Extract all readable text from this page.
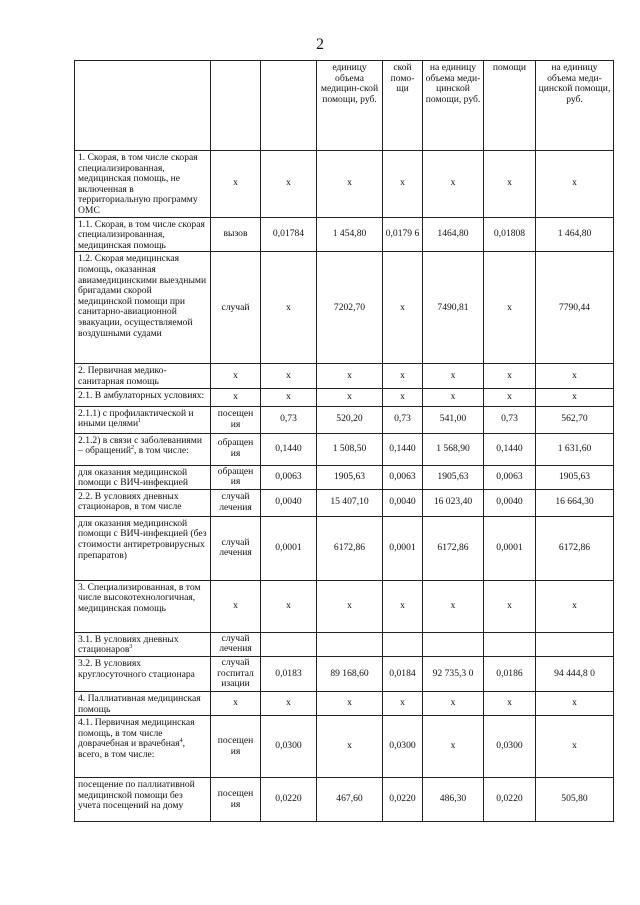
2
			единицу объема медицин-ской помощи, руб.	ской помо-щи	на единицу объема меди-цинской помощи, руб.	помощи	на единицу объема меди-цинской помощи, руб.
1. Скорая, в том числе скорая специализированная, медицинская помощь, не включенная в территориальную программу ОМС	х	х	х	х	х	х	х
1.1. Скорая, в том числе скорая специализированная, медицинская помощь	вызов	0,01784	1 454,80	0,0179 6	1464,80	0,01808	1 464,80
1.2. Скорая медицинская помощь, оказанная авиамедицинскими выездными бригадами скорой медицинской помощи при санитарно-авиационной эвакуации, осуществляемой воздушными судами	случай	х	7202,70	х	7490,81	х	7790,44
2. Первичная медико-санитарная помощь	х	х	х	х	х	х	х
2.1. В амбулаторных условиях:	х	х	х	х	х	х	х
2.1.1) с профилактической и иными целями$^1$	посещен ия	0,73	520,20	0,73	541,00	0,73	562,70
2.1.2) в связи с заболеваниями – обращений$^2$, в том числе:	обращен ия	0,1440	1 508,50	0,1440	1 568,90	0,1440	1 631,60
для оказания медицинской помощи с ВИЧ-инфекцией	обращен ия	0,0063	1905,63	0,0063	1905,63	0,0063	1905,63
2.2. В условиях дневных стационаров, в том числе	случай лечения	0,0040	15 407,10	0,0040	16 023,40	0,0040	16 664,30
для оказания медицинской помощи с ВИЧ-инфекцией (без стоимости антиретровирусных препаратов)	случай лечения	0,0001	6172,86	0,0001	6172,86	0,0001	6172,86
3. Специализированная, в том числе высокотехнологичная, медицинская помощь	х	х	х	х	х	х	х
3.1. В условиях дневных стационаров$^3$	случай лечения						
3.2. В условиях круглосуточного стационара	случай госпитал изации	0,0183	89 168,60	0,0184	92 735,3 0	0,0186	94 444,8 0
4. Паллиативная медицинская помощь	х	х	х	х	х	х	х
4.1. Первичная медицинская помощь, в том числе доврачебная и врачебная$^4$, всего, в том числе:	посещен ия	0,0300	х	0,0300	х	0,0300	х
посещение по паллиативной медицинской помощи без учета посещений на дому	посещен ия	0,0220	467,60	0,0220	486,30	0,0220	505,80
